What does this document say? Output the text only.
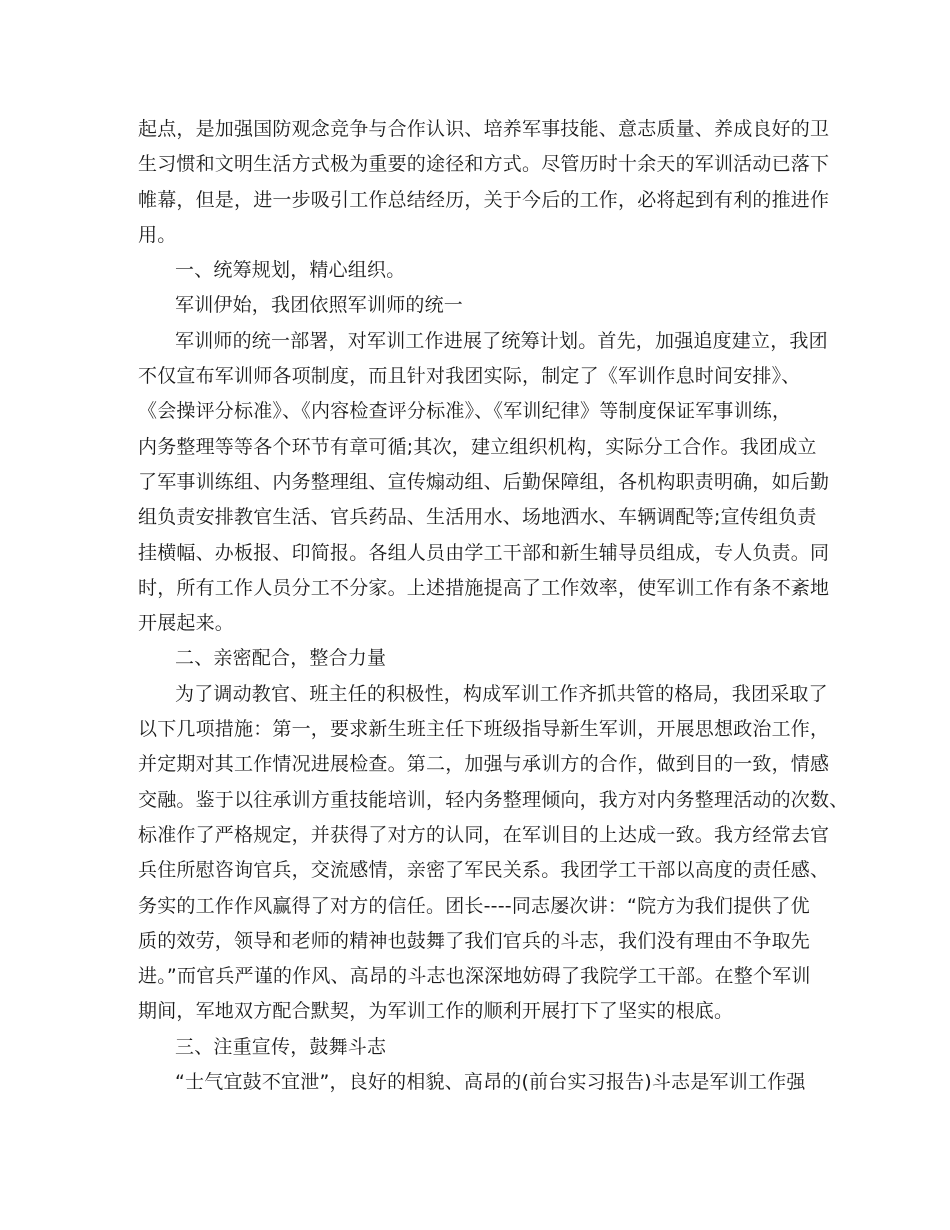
起点，是加强国防观念竞争与合作认识、培养军事技能、意志质量、养成良好的卫
生习惯和文明生活方式极为重要的途径和方式。尽管历时十余天的军训活动已落下
帷幕，但是，进一步吸引工作总结经历，关于今后的工作，必将起到有利的推进作
用。
一、统筹规划，精心组织。
军训伊始，我团依照军训师的统一
军训师的统一部署，对军训工作进展了统筹计划。首先，加强追度建立，我团
不仅宣布军训师各项制度，而且针对我团实际，制定了《军训作息时间安排》、
《会操评分标准》、《内容检查评分标准》、《军训纪律》等制度保证军事训练，
内务整理等等各个环节有章可循;其次，建立组织机构，实际分工合作。我团成立
了军事训练组、内务整理组、宣传煽动组、后勤保障组，各机构职责明确，如后勤
组负责安排教官生活、官兵药品、生活用水、场地洒水、车辆调配等;宣传组负责
挂横幅、办板报、印简报。各组人员由学工干部和新生辅导员组成，专人负责。同
时，所有工作人员分工不分家。上述措施提高了工作效率，使军训工作有条不紊地
开展起来。
二、亲密配合，整合力量
为了调动教官、班主任的积极性，构成军训工作齐抓共管的格局，我团采取了
以下几项措施：第一，要求新生班主任下班级指导新生军训，开展思想政治工作，
并定期对其工作情况进展检查。第二，加强与承训方的合作，做到目的一致，情感
交融。鉴于以往承训方重技能培训，轻内务整理倾向，我方对内务整理活动的次数、
标准作了严格规定，并获得了对方的认同，在军训目的上达成一致。我方经常去官
兵住所慰咨询官兵，交流感情，亲密了军民关系。我团学工干部以高度的责任感、
务实的工作作风赢得了对方的信任。团长----同志屡次讲：“院方为我们提供了优
质的效劳，领导和老师的精神也鼓舞了我们官兵的斗志，我们没有理由不争取先
进。”而官兵严谨的作风、高昂的斗志也深深地妨碍了我院学工干部。在整个军训
期间，军地双方配合默契，为军训工作的顺利开展打下了坚实的根底。
三、注重宣传，鼓舞斗志
“士气宜鼓不宜泄”，良好的相貌、高昂的(前台实习报告)斗志是军训工作强
